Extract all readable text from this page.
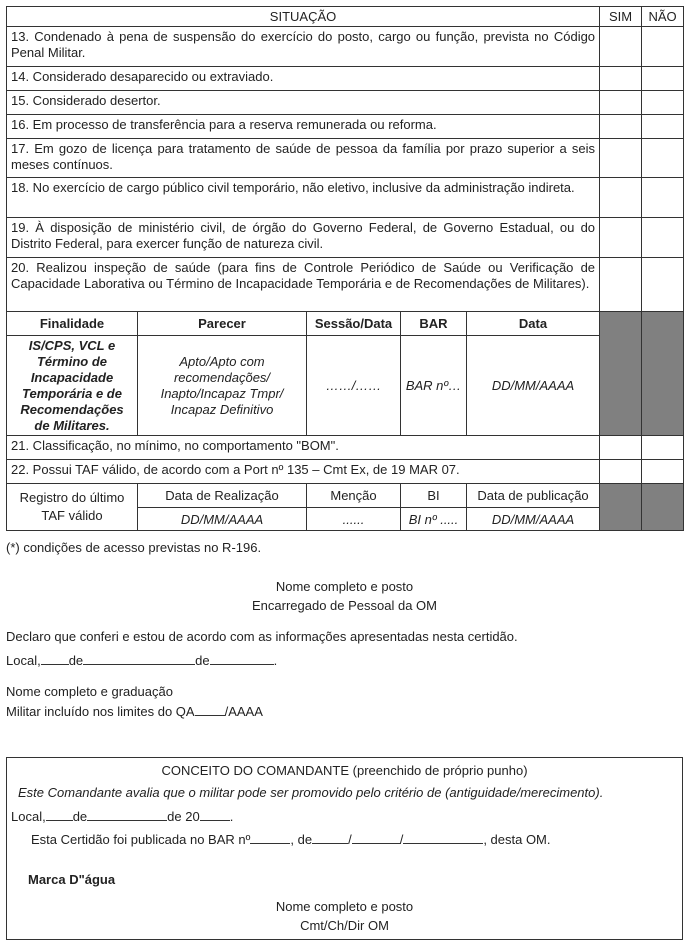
SITUAÇÃO					SIM	NÃO
13. Condenado à pena de suspensão do exercício do posto, cargo ou função, prevista no Código Penal Militar.						
14. Considerado desaparecido ou extraviado.						
15. Considerado desertor.						
16. Em processo de transferência para a reserva remunerada ou reforma.						
17. Em gozo de licença para tratamento de saúde de pessoa da família por prazo superior a seis meses contínuos.						
18. No exercício de cargo público civil temporário, não eletivo, inclusive da administração indireta.						
19. À disposição de ministério civil, de órgão do Governo Federal, de Governo Estadual, ou do Distrito Federal, para exercer função de natureza civil.						
20. Realizou inspeção de saúde (para fins de Controle Periódico de Saúde ou Verificação de Capacidade Laborativa ou Término de Incapacidade Temporária e de Recomendações de Militares).						
Finalidade	Parecer	Sessão/Data	BAR	Data		
IS/CPS, VCL e Término de Incapacidade Temporária e de Recomendações de Militares.	Apto/Apto com recomendações/ Inapto/Incapaz Tmpr/ Incapaz Definitivo	……/……	BAR nº…	DD/MM/AAAA		
21. Classificação, no mínimo, no comportamento "BOM".						
22. Possui TAF válido, de acordo com a Port nº 135 – Cmt Ex, de 19 MAR 07.						
Registro do último TAF válido	Data de Realização	Menção	BI	Data de publicação		
	DD/MM/AAAA	......	BI nº .....	DD/MM/AAAA		
(*) condições de acesso previstas no R-196.
Nome completo e posto
Encarregado de Pessoal da OM
Declaro que conferi e estou de acordo com as informações apresentadas nesta certidão.
Local, de	de	.
Nome completo e graduação
Militar incluído nos limites do QA /AAAA
CONCEITO DO COMANDANTE (preenchido de próprio punho)
Este Comandante avalia que o militar pode ser promovido pelo critério de (antiguidade/merecimento).
Local, de	de 20 .
Esta Certidão foi publicada no BAR nº	, de	/	/	, desta OM.
Marca D"água
Nome completo e posto
Cmt/Ch/Dir OM
